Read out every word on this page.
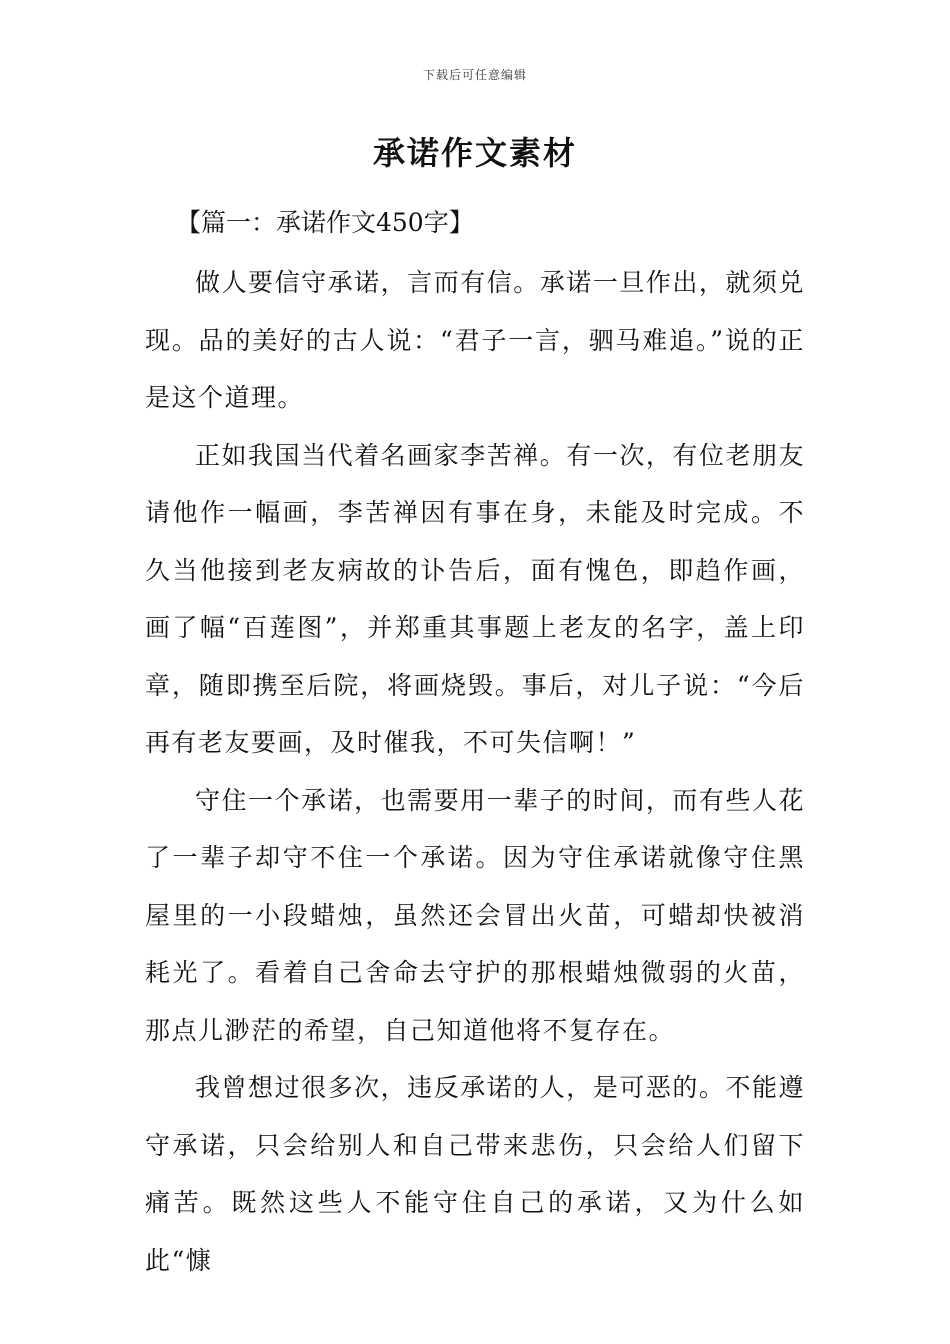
下载后可任意编辑
承诺作文素材

【篇一：承诺作文450字】

做人要信守承诺，言而有信。承诺一旦作出，就须兑现。品的美好的古人说：“君子一言，驷马难追。”说的正是这个道理。

正如我国当代着名画家李苦禅。有一次，有位老朋友请他作一幅画，李苦禅因有事在身，未能及时完成。不久当他接到老友病故的讣告后，面有愧色，即趋作画，画了幅“百莲图”，并郑重其事题上老友的名字，盖上印章，随即携至后院，将画烧毁。事后，对儿子说：“今后再有老友要画，及时催我，不可失信啊！”

守住一个承诺，也需要用一辈子的时间，而有些人花了一辈子却守不住一个承诺。因为守住承诺就像守住黑屋里的一小段蜡烛，虽然还会冒出火苗，可蜡却快被消耗光了。看着自己舍命去守护的那根蜡烛微弱的火苗，那点儿渺茫的希望，自己知道他将不复存在。

我曾想过很多次，违反承诺的人，是可恶的。不能遵守承诺，只会给别人和自己带来悲伤，只会给人们留下痛苦。既然这些人不能守住自己的承诺，又为什么如此“慷
